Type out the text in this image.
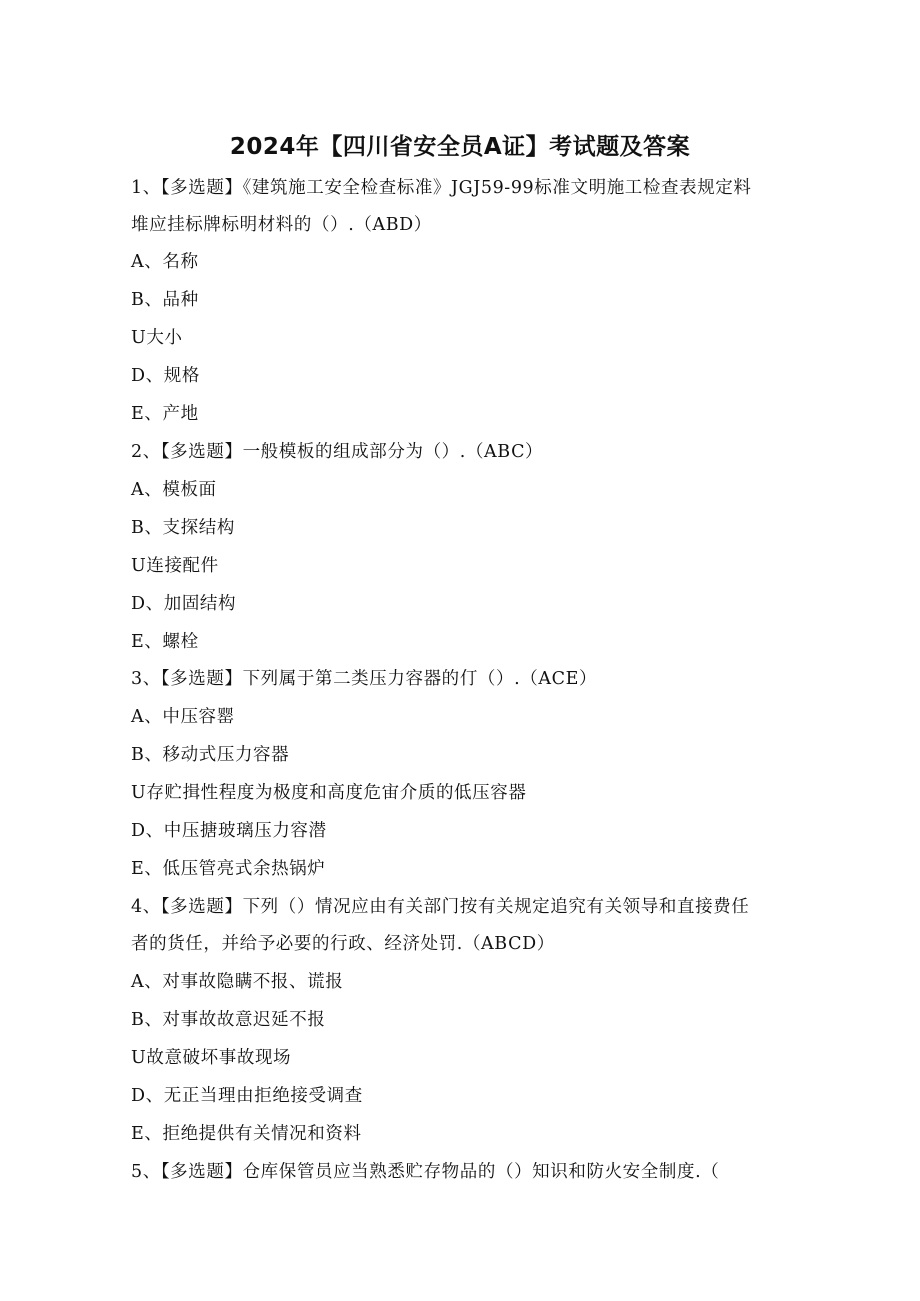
2024年【四川省安全员A证】考试题及答案
1、【多选题】《建筑施工安全检查标准》JGJ59-99标准文明施工检查表规定料
堆应挂标牌标明材料的（）.（ABD）
A、名称
B、品种
U大小
D、规格
E、产地
2、【多选题】一般模板的组成部分为（）.（ABC）
A、模板面
B、支探结构
U连接配件
D、加固结构
E、螺栓
3、【多选题】下列属于第二类压力容器的仃（）.（ACE）
A、中压容罂
B、移动式压力容器
U存贮揖性程度为极度和高度危宙介质的低压容器
D、中压搪玻璃压力容潜
E、低压管亮式余热锅炉
4、【多选题】下列（）情况应由有关部门按有关规定追究有关领导和直接费任
者的货任，并给予必要的行政、经济处罚.（ABCD）
A、对事故隐瞒不报、谎报
B、对事故故意迟延不报
U故意破坏事故现场
D、无正当理由拒绝接受调查
E、拒绝提供有关情况和资料
5、【多选题】仓库保管员应当熟悉贮存物品的（）知识和防火安全制度.（
